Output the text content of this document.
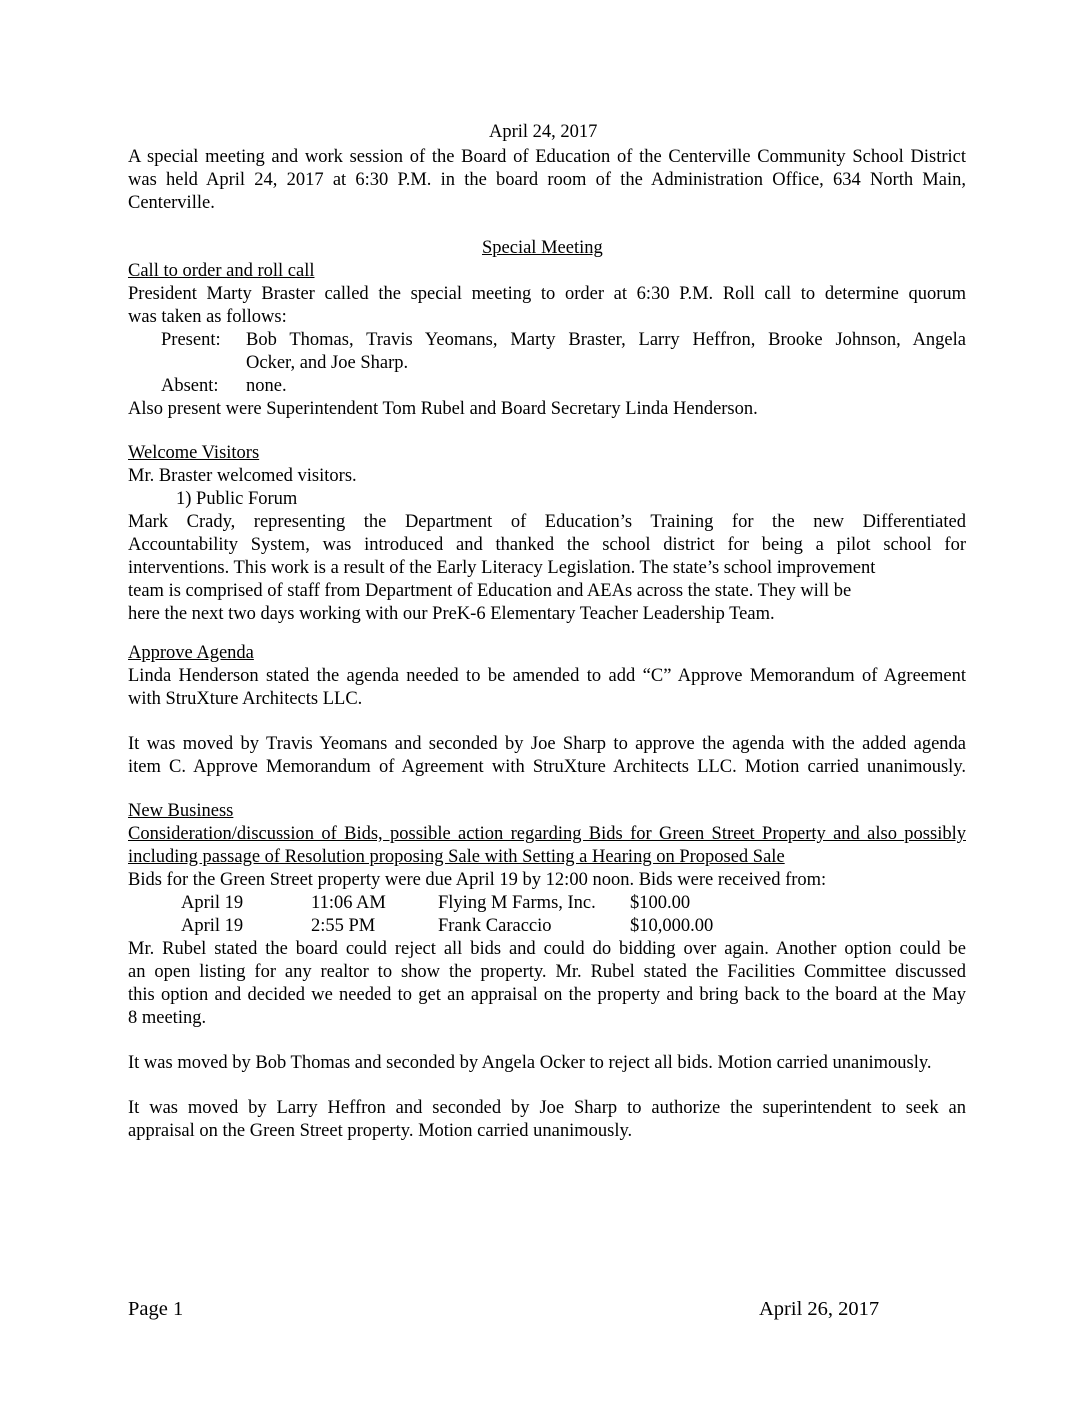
April 24, 2017

A special meeting and work session of the Board of Education of the Centerville Community School District

was held April 24, 2017 at 6:30 P.M. in the board room of the Administration Office, 634 North Main,

Centerville.

Special Meeting

Call to order and roll call

President Marty Braster called the special meeting to order at 6:30 P.M. Roll call to determine quorum

was taken as follows:

Present: Bob Thomas, Travis Yeomans, Marty Braster, Larry Heffron, Brooke Johnson, Angela

Ocker, and Joe Sharp.

Absent: none.

Also present were Superintendent Tom Rubel and Board Secretary Linda Henderson.

Welcome Visitors

Mr. Braster welcomed visitors.

1) Public Forum

Mark Crady, representing the Department of Education’s Training for the new Differentiated

Accountability System, was introduced and thanked the school district for being a pilot school for

interventions. This work is a result of the Early Literacy Legislation. The state’s school improvement

team is comprised of staff from Department of Education and AEAs across the state. They will be

here the next two days working with our PreK-6 Elementary Teacher Leadership Team.

Approve Agenda

Linda Henderson stated the agenda needed to be amended to add “C” Approve Memorandum of Agreement

with StruXture Architects LLC.

It was moved by Travis Yeomans and seconded by Joe Sharp to approve the agenda with the added agenda

item C. Approve Memorandum of Agreement with StruXture Architects LLC. Motion carried unanimously.

New Business

Consideration/discussion of Bids, possible action regarding Bids for Green Street Property and also possibly

including passage of Resolution proposing Sale with Setting a Hearing on Proposed Sale

Bids for the Green Street property were due April 19 by 12:00 noon. Bids were received from:

April 19	11:06 AM	Flying M Farms, Inc. $100.00
April 19	2:55 PM	Frank Caraccio	$10,000.00

Mr. Rubel stated the board could reject all bids and could do bidding over again. Another option could be

an open listing for any realtor to show the property. Mr. Rubel stated the Facilities Committee discussed

this option and decided we needed to get an appraisal on the property and bring back to the board at the May

8 meeting.

It was moved by Bob Thomas and seconded by Angela Ocker to reject all bids. Motion carried unanimously.

It was moved by Larry Heffron and seconded by Joe Sharp to authorize the superintendent to seek an

appraisal on the Green Street property. Motion carried unanimously.

Page 1	April 26, 2017
